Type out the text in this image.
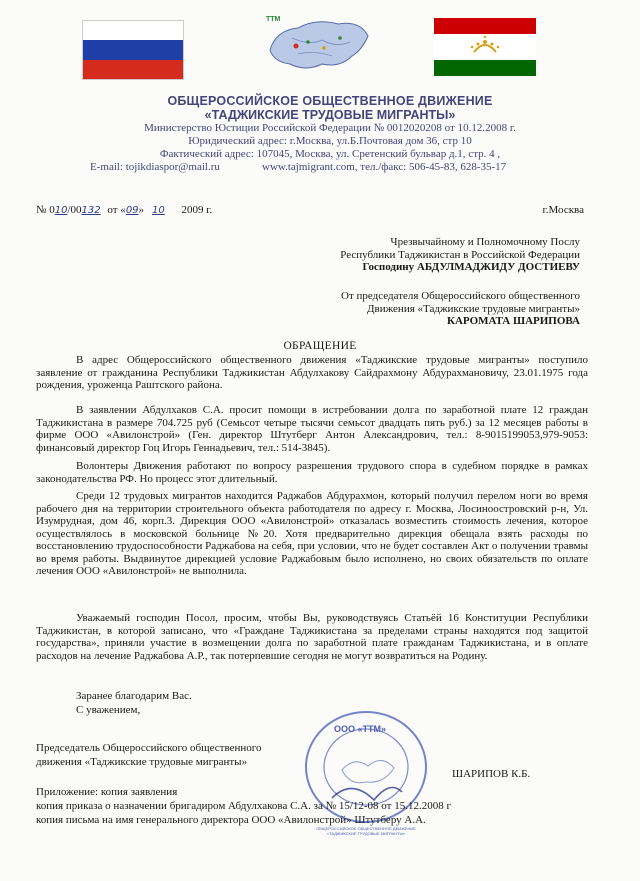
ТТМ
ОБЩЕРОССИЙСКОЕ ОБЩЕСТВЕННОЕ ДВИЖЕНИЕ
«ТАДЖИКСКИЕ ТРУДОВЫЕ МИГРАНТЫ»
Министерство Юстиции Российской Федерации № 0012020208 от 10.12.2008 г.
Юридический адрес: г.Москва, ул.Б.Почтовая дом 36, стр 10
Фактический адрес: 107045, Москва, ул. Сретенский бульвар д.1, стр. 4 ,
E-mail: tojikdiaspor@mail.ru	www.tajmigrant.com, тел./факс: 506-45-83, 628-35-17
№ 010/00132 от «09» 10 2009 г.	г.Москва
Чрезвычайному и Полномочному Послу
Республики Таджикистан в Российской Федерации
Господину АБДУЛМАДЖИДУ ДОСТИЕВУ
От председателя Общероссийского общественного
Движения «Таджикские трудовые мигранты»
КАРОМАТА ШАРИПОВА
ОБРАЩЕНИЕ
В адрес Общероссийского общественного движения «Таджикские трудовые мигранты» поступило заявление от гражданина Республики Таджикистан Абдулхакову Сайдрахмону Абдурахмановичу, 23.01.1975 года рождения, уроженца Раштского района.
В заявлении Абдулхаков С.А. просит помощи в истребовании долга по заработной плате 12 граждан Таджикистана в размере 704.725 руб (Семьсот четыре тысячи семьсот двадцать пять руб.) за 12 месяцев работы в фирме ООО «Авилонстрой» (Ген. директор Штутберг Антон Александрович, тел.: 8-9015199053,979-9053: финансовый директор Гоц Игорь Геннадьевич, тел.: 514-3845).
Волонтеры Движения работают по вопросу разрешения трудового спора в судебном порядке в рамках законодательства РФ. Но процесс этот длительный.
Среди 12 трудовых мигрантов находится Раджабов Абдурахмон, который получил перелом ноги во время рабочего дня на территории строительного объекта работодателя по адресу г. Москва, Лосиноостровский р-н, Ул. Изумрудная, дом 46, корп.3. Дирекция ООО «Авилонстрой» отказалась возместить стоимость лечения, которое осуществлялось в московской больнице №20. Хотя предварительно дирекция обещала взять расходы по восстановлению трудоспособности Раджабова на себя, при условии, что не будет составлен Акт о получении травмы во время работы. Выдвинутое дирекцией условие Раджабовым было исполнено, но своих обязательств по оплате лечения ООО «Авилонстрой» не выполнила.
Уважаемый господин Посол, просим, чтобы Вы, руководствуясь Статьёй 16 Конституции Республики Таджикистан, в которой записано, что «Граждане Таджикистана за пределами страны находятся под защитой государства», приняли участие в возмещении долга по заработной плате гражданам Таджикистана, и в оплате расходов на лечение Раджабова А.Р., так потерпевшие сегодня не могут возвратиться на Родину.
Заранее благодарим Вас.
С уважением,
Председатель Общероссийского общественного
движения «Таджикские трудовые мигранты»
ШАРИПОВ К.Б.
ООО «ТТМ»
ОБЩЕРОССИЙСКОЕ ОБЩЕСТВЕННОЕ ДВИЖЕНИЕ «ТАДЖИКСКИЕ ТРУДОВЫЕ МИГРАНТЫ»
Приложение: копия заявления
копия приказа о назначении бригадиром Абдулхакова С.А. за № 15/12-08 от 15.12.2008 г
копия письма на имя генерального директора ООО «Авилонстрой» Штутберу А.А.
